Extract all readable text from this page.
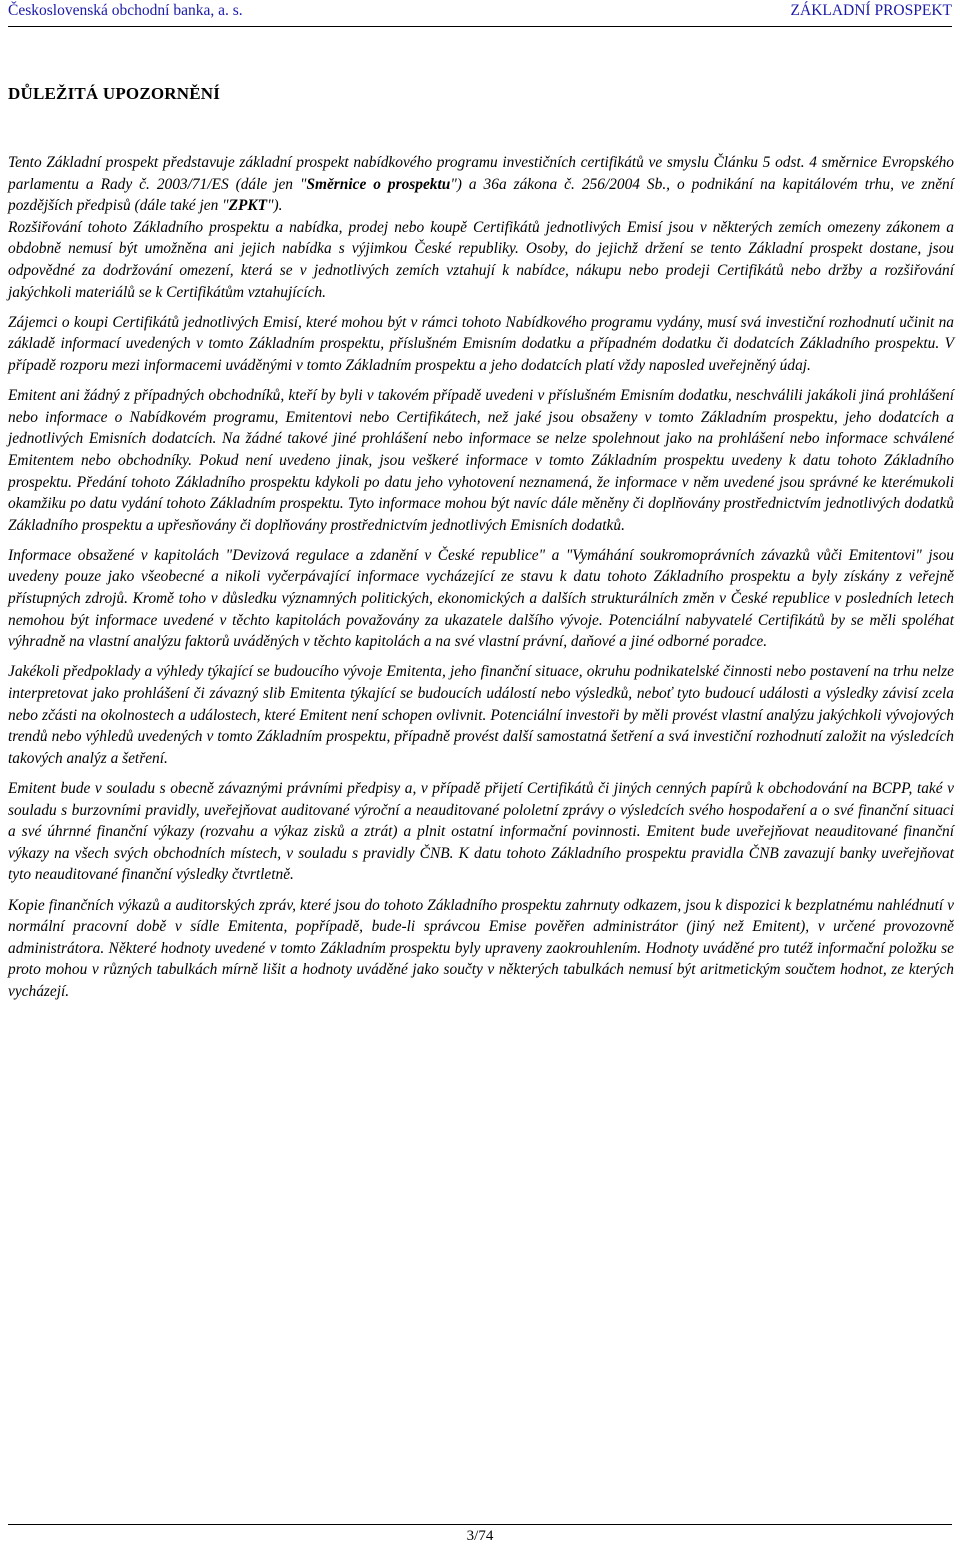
Československá obchodní banka, a. s.	ZÁKLADNÍ PROSPEKT
DŮLEŽITÁ UPOZORNĚNÍ

Tento Základní prospekt představuje základní prospekt nabídkového programu investičních certifikátů ve smyslu Článku 5 odst. 4 směrnice Evropského parlamentu a Rady č. 2003/71/ES (dále jen "Směrnice o prospektu") a 36a zákona č. 256/2004 Sb., o podnikání na kapitálovém trhu, ve znění pozdějších předpisů (dále také jen "ZPKT").

Rozšiřování tohoto Základního prospektu a nabídka, prodej nebo koupě Certifikátů jednotlivých Emisí jsou v některých zemích omezeny zákonem a obdobně nemusí být umožněna ani jejich nabídka s výjimkou České republiky. Osoby, do jejichž držení se tento Základní prospekt dostane, jsou odpovědné za dodržování omezení, která se v jednotlivých zemích vztahují k nabídce, nákupu nebo prodeji Certifikátů nebo držby a rozšiřování jakýchkoli materiálů se k Certifikátům vztahujících.

Zájemci o koupi Certifikátů jednotlivých Emisí, které mohou být v rámci tohoto Nabídkového programu vydány, musí svá investiční rozhodnutí učinit na základě informací uvedených v tomto Základním prospektu, příslušném Emisním dodatku a případném dodatku či dodatcích Základního prospektu. V případě rozporu mezi informacemi uváděnými v tomto Základním prospektu a jeho dodatcích platí vždy naposled uveřejněný údaj.

Emitent ani žádný z případných obchodníků, kteří by byli v takovém případě uvedeni v příslušném Emisním dodatku, neschválili jakákoli jiná prohlášení nebo informace o Nabídkovém programu, Emitentovi nebo Certifikátech, než jaké jsou obsaženy v tomto Základním prospektu, jeho dodatcích a jednotlivých Emisních dodatcích. Na žádné takové jiné prohlášení nebo informace se nelze spolehnout jako na prohlášení nebo informace schválené Emitentem nebo obchodníky. Pokud není uvedeno jinak, jsou veškeré informace v tomto Základním prospektu uvedeny k datu tohoto Základního prospektu. Předání tohoto Základního prospektu kdykoli po datu jeho vyhotovení neznamená, že informace v něm uvedené jsou správné ke kterémukoli okamžiku po datu vydání tohoto Základním prospektu. Tyto informace mohou být navíc dále měněny či doplňovány prostřednictvím jednotlivých dodatků Základního prospektu a upřesňovány či doplňovány prostřednictvím jednotlivých Emisních dodatků.

Informace obsažené v kapitolách "Devizová regulace a zdanění v České republice" a "Vymáhání soukromoprávních závazků vůči Emitentovi" jsou uvedeny pouze jako všeobecné a nikoli vyčerpávající informace vycházející ze stavu k datu tohoto Základního prospektu a byly získány z veřejně přístupných zdrojů. Kromě toho v důsledku významných politických, ekonomických a dalších strukturálních změn v České republice v posledních letech nemohou být informace uvedené v těchto kapitolách považovány za ukazatele dalšího vývoje. Potenciální nabyvatelé Certifikátů by se měli spoléhat výhradně na vlastní analýzu faktorů uváděných v těchto kapitolách a na své vlastní právní, daňové a jiné odborné poradce.

Jakékoli předpoklady a výhledy týkající se budoucího vývoje Emitenta, jeho finanční situace, okruhu podnikatelské činnosti nebo postavení na trhu nelze interpretovat jako prohlášení či závazný slib Emitenta týkající se budoucích událostí nebo výsledků, neboť tyto budoucí události a výsledky závisí zcela nebo zčásti na okolnostech a událostech, které Emitent není schopen ovlivnit. Potenciální investoři by měli provést vlastní analýzu jakýchkoli vývojových trendů nebo výhledů uvedených v tomto Základním prospektu, případně provést další samostatná šetření a svá investiční rozhodnutí založit na výsledcích takových analýz a šetření.

Emitent bude v souladu s obecně závaznými právními předpisy a, v případě přijetí Certifikátů či jiných cenných papírů k obchodování na BCPP, také v souladu s burzovními pravidly, uveřejňovat auditované výroční a neauditované pololetní zprávy o výsledcích svého hospodaření a o své finanční situaci a své úhrnné finanční výkazy (rozvahu a výkaz zisků a ztrát) a plnit ostatní informační povinnosti. Emitent bude uveřejňovat neauditované finanční výkazy na všech svých obchodních místech, v souladu s pravidly ČNB. K datu tohoto Základního prospektu pravidla ČNB zavazují banky uveřejňovat tyto neauditované finanční výsledky čtvrtletně.

Kopie finančních výkazů a auditorských zpráv, které jsou do tohoto Základního prospektu zahrnuty odkazem, jsou k dispozici k bezplatnému nahlédnutí v normální pracovní době v sídle Emitenta, popřípadě, bude-li správcou Emise pověřen administrátor (jiný než Emitent), v určené provozovně administrátora. Některé hodnoty uvedené v tomto Základním prospektu byly upraveny zaokrouhlením. Hodnoty uváděné pro tutéž informační položku se proto mohou v různých tabulkách mírně lišit a hodnoty uváděné jako součty v některých tabulkách nemusí být aritmetickým součtem hodnot, ze kterých vycházejí.

3/74
